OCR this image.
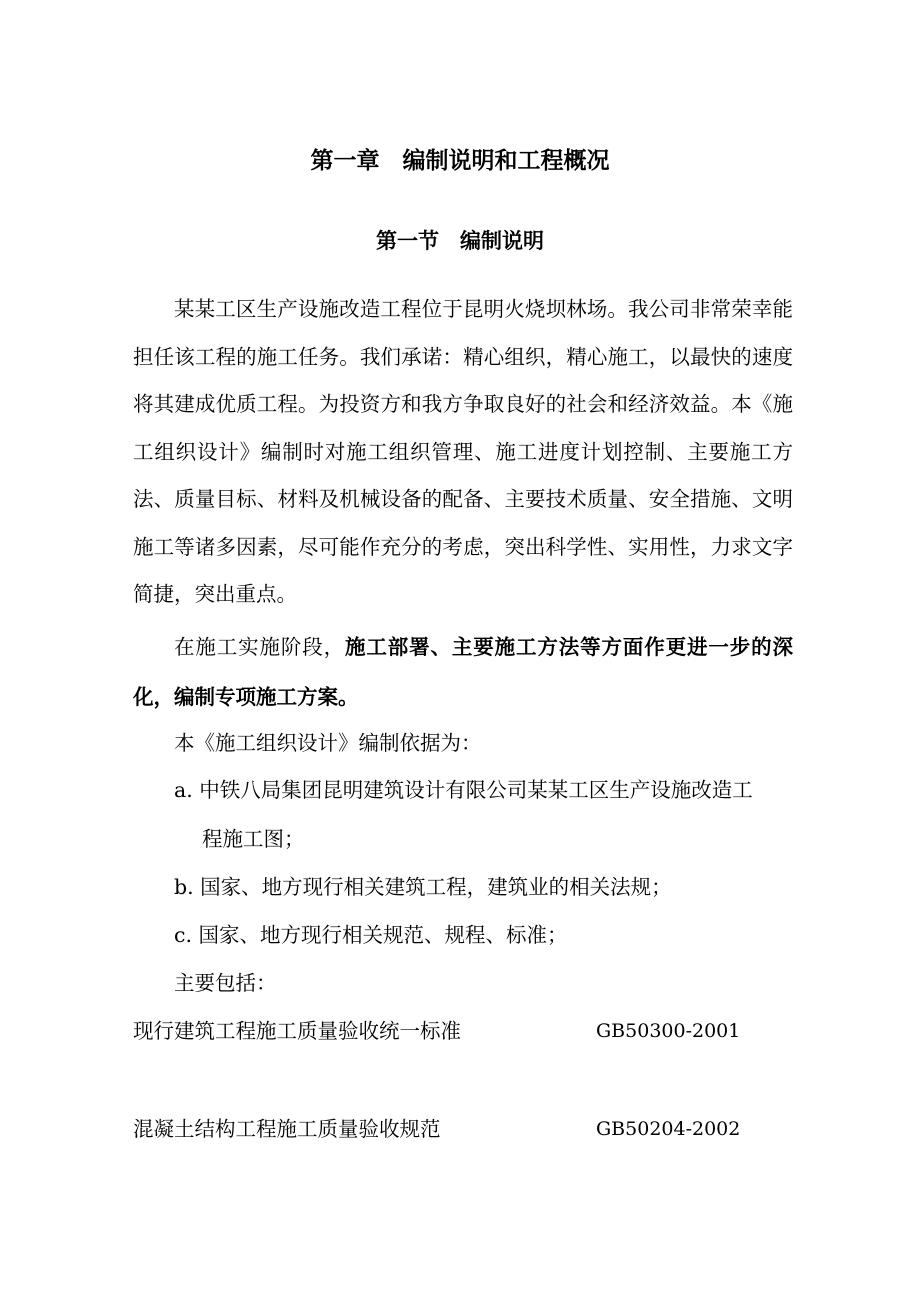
第一章　编制说明和工程概况
第一节　编制说明

某某工区生产设施改造工程位于昆明火烧坝林场。我公司非常荣幸能担任该工程的施工任务。我们承诺：精心组织，精心施工，以最快的速度将其建成优质工程。为投资方和我方争取良好的社会和经济效益。本《施工组织设计》编制时对施工组织管理、施工进度计划控制、主要施工方法、质量目标、材料及机械设备的配备、主要技术质量、安全措施、文明施工等诸多因素，尽可能作充分的考虑，突出科学性、实用性，力求文字简捷，突出重点。

在施工实施阶段，施工部署、主要施工方法等方面作更进一步的深化，编制专项施工方案。

本《施工组织设计》编制依据为：
a. 中铁八局集团昆明建筑设计有限公司某某工区生产设施改造工
程施工图；
b. 国家、地方现行相关建筑工程，建筑业的相关法规；
c. 国家、地方现行相关规范、规程、标准；
主要包括：
现行建筑工程施工质量验收统一标准	GB50300-2001
混凝土结构工程施工质量验收规范	GB50204-2002
